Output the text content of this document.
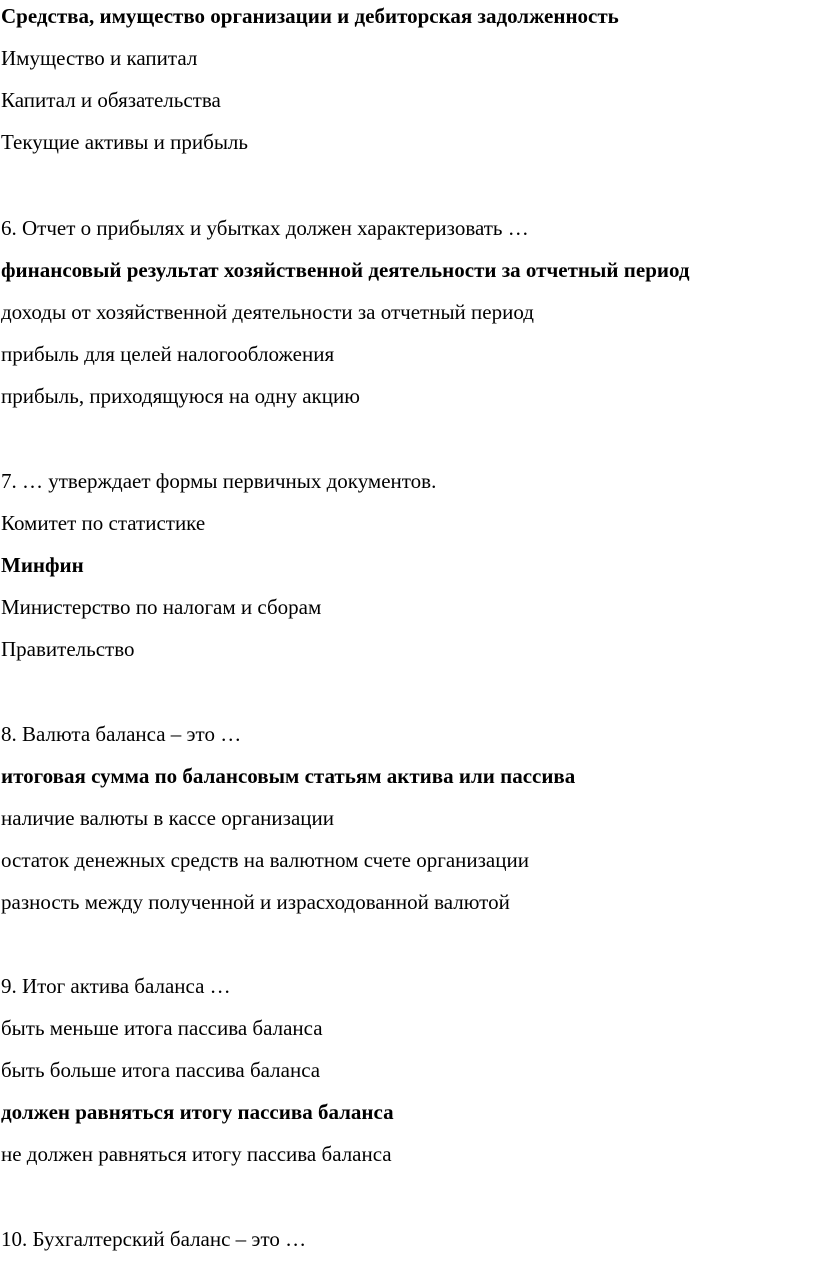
Средства, имущество организации и дебиторская задолженность
Имущество и капитал
Капитал и обязательства
Текущие активы и прибыль
6. Отчет о прибылях и убытках должен характеризовать …
финансовый результат хозяйственной деятельности за отчетный период
доходы от хозяйственной деятельности за отчетный период
прибыль для целей налогообложения
прибыль, приходящуюся на одну акцию
7. … утверждает формы первичных документов.
Комитет по статистике
Минфин
Министерство по налогам и сборам
Правительство
8. Валюта баланса – это …
итоговая сумма по балансовым статьям актива или пассива
наличие валюты в кассе организации
остаток денежных средств на валютном счете организации
разность между полученной и израсходованной валютой
9. Итог актива баланса …
быть меньше итога пассива баланса
быть больше итога пассива баланса
должен равняться итогу пассива баланса
не должен равняться итогу пассива баланса
10. Бухгалтерский баланс – это …
